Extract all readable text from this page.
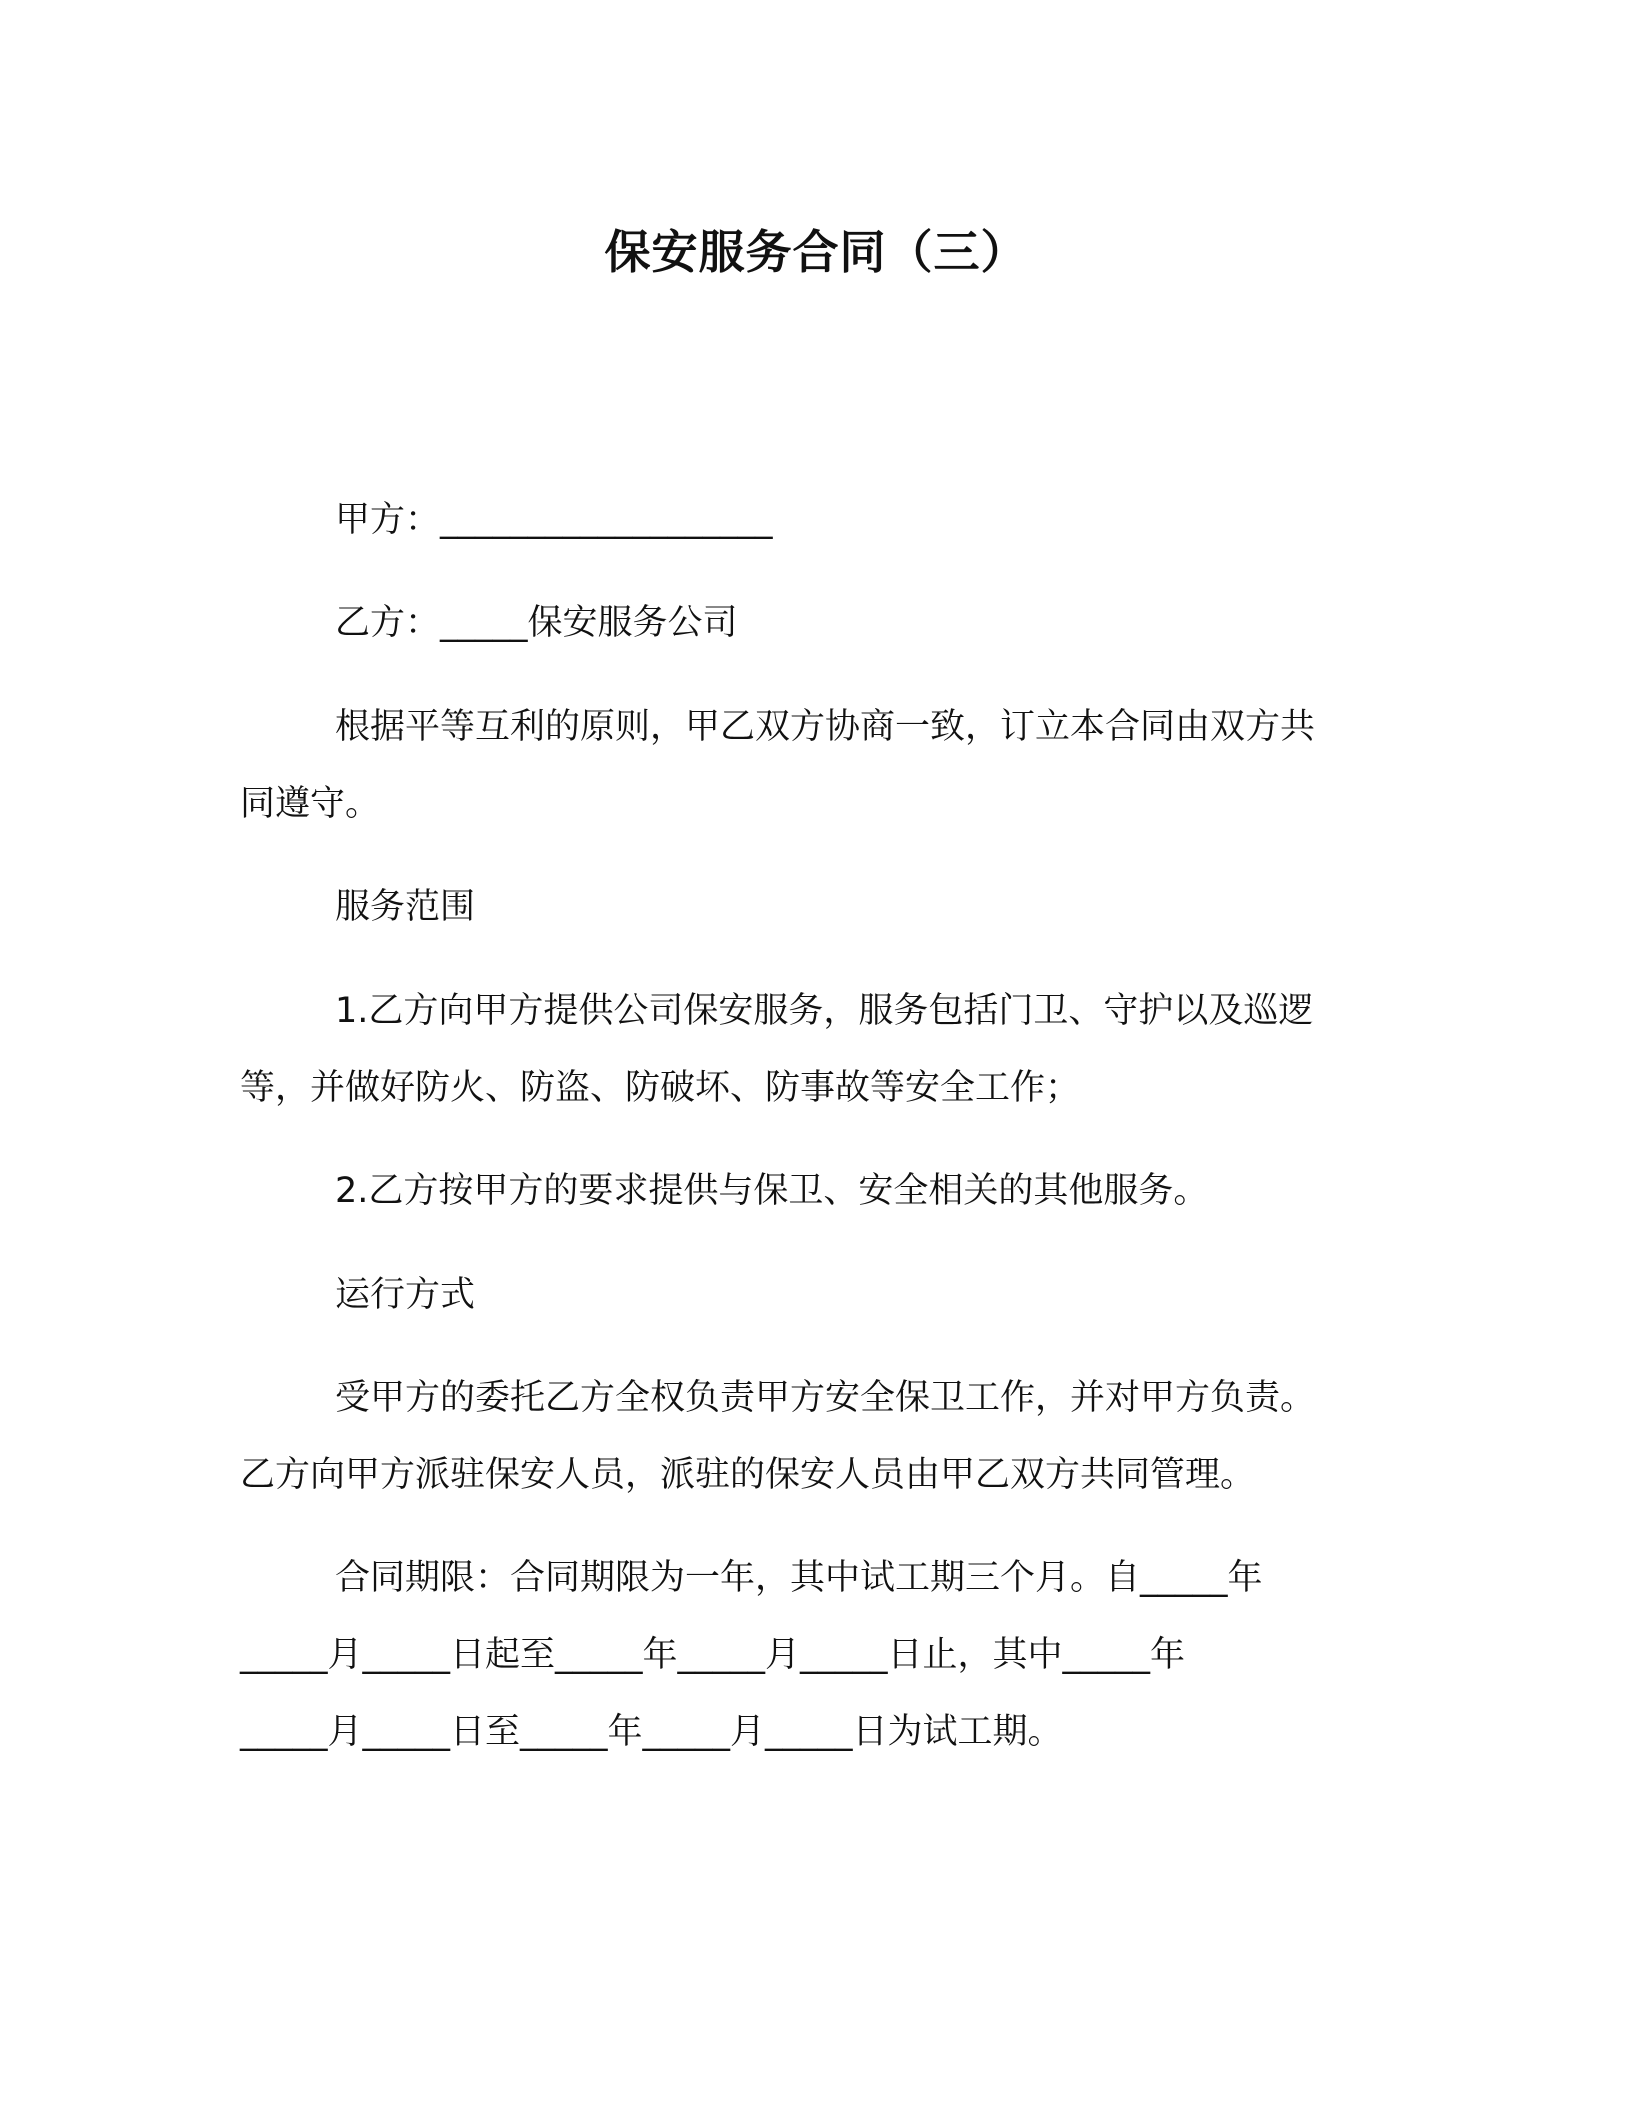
保安服务合同（三）
甲方：___________________
乙方：_____保安服务公司
根据平等互利的原则，甲乙双方协商一致，订立本合同由双方共
同遵守。
服务范围
1.乙方向甲方提供公司保安服务，服务包括门卫、守护以及巡逻
等，并做好防火、防盗、防破坏、防事故等安全工作；
2.乙方按甲方的要求提供与保卫、安全相关的其他服务。
运行方式
受甲方的委托乙方全权负责甲方安全保卫工作，并对甲方负责。
乙方向甲方派驻保安人员，派驻的保安人员由甲乙双方共同管理。
合同期限：合同期限为一年，其中试工期三个月。自_____年
_____月_____日起至_____年_____月_____日止，其中_____年
_____月_____日至_____年_____月_____日为试工期。
